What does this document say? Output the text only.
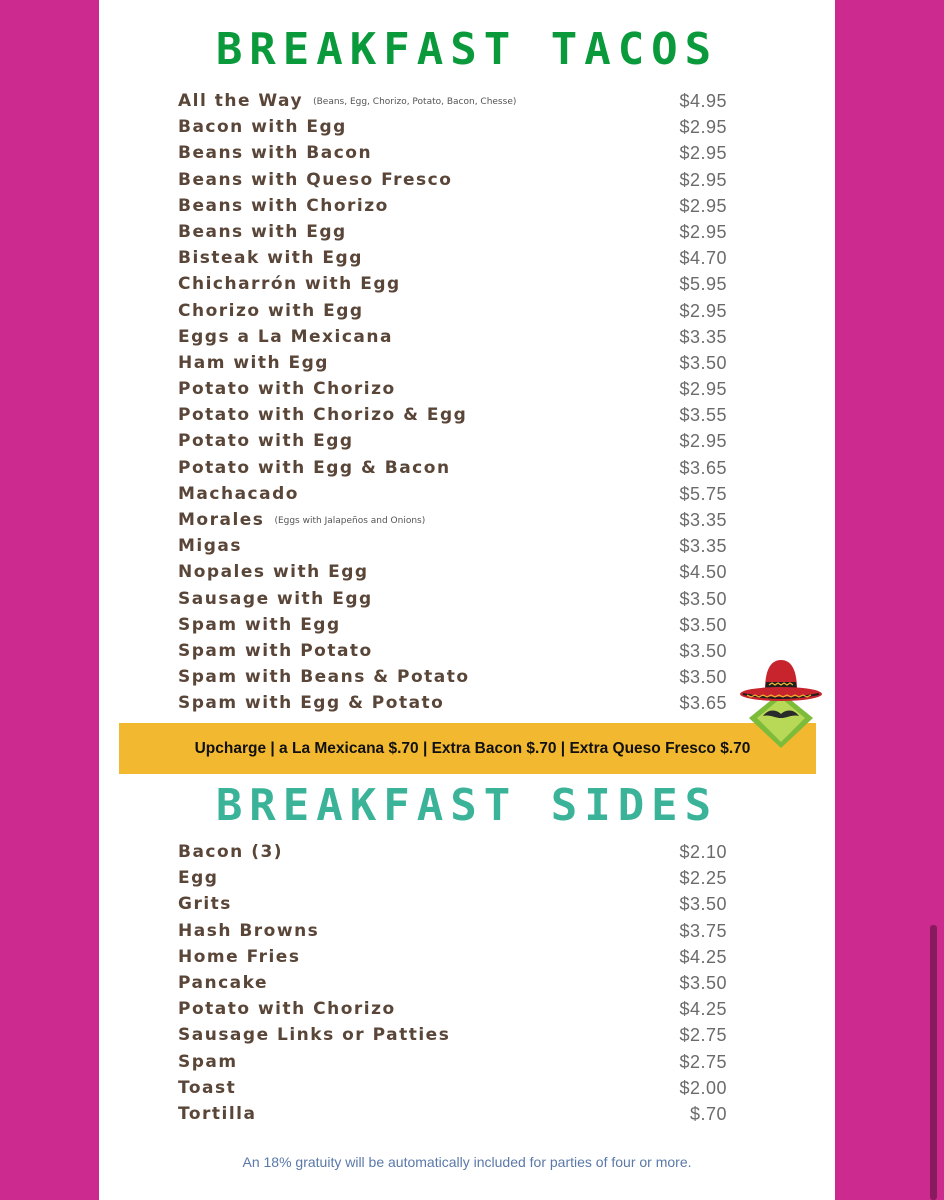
BREAKFAST TACOS
All the Way (Beans, Egg, Chorizo, Potato, Bacon, Chesse)	$4.95
Bacon with Egg	$2.95
Beans with Bacon	$2.95
Beans with Queso Fresco	$2.95
Beans with Chorizo	$2.95
Beans with Egg	$2.95
Bisteak with Egg	$4.70
Chicharrón with Egg	$5.95
Chorizo with Egg	$2.95
Eggs a La Mexicana	$3.35
Ham with Egg	$3.50
Potato with Chorizo	$2.95
Potato with Chorizo & Egg	$3.55
Potato with Egg	$2.95
Potato with Egg & Bacon	$3.65
Machacado	$5.75
Morales (Eggs with Jalapeños and Onions)	$3.35
Migas	$3.35
Nopales with Egg	$4.50
Sausage with Egg	$3.50
Spam with Egg	$3.50
Spam with Potato	$3.50
Spam with Beans & Potato	$3.50
Spam with Egg & Potato	$3.65
Upcharge | a La Mexicana $.70 | Extra Bacon $.70 | Extra Queso Fresco $.70
BREAKFAST SIDES
Bacon (3)	$2.10
Egg	$2.25
Grits	$3.50
Hash Browns	$3.75
Home Fries	$4.25
Pancake	$3.50
Potato with Chorizo	$4.25
Sausage Links or Patties	$2.75
Spam	$2.75
Toast	$2.00
Tortilla	$.70
An 18% gratuity will be automatically included for parties of four or more.
